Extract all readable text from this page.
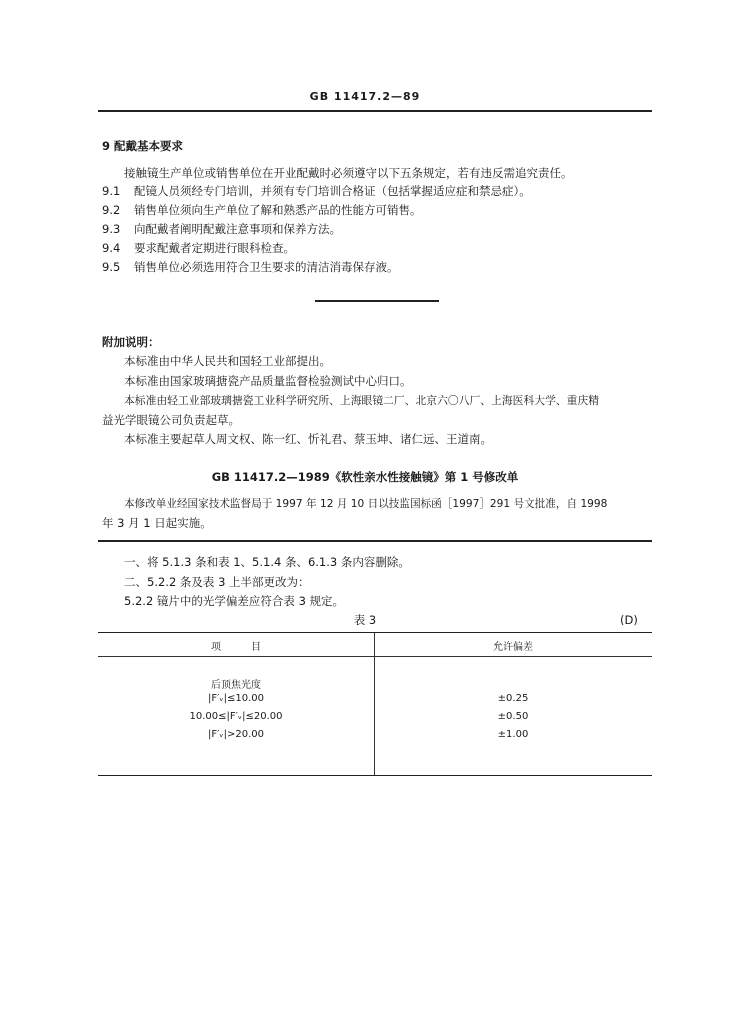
GB 11417.2—89
9 配戴基本要求
接触镜生产单位或销售单位在开业配戴时必须遵守以下五条规定，若有违反需追究责任。
9.1 配镜人员须经专门培训，并须有专门培训合格证（包括掌握适应症和禁忌症）。
9.2 销售单位须向生产单位了解和熟悉产品的性能方可销售。
9.3 向配戴者阐明配戴注意事项和保养方法。
9.4 要求配戴者定期进行眼科检查。
9.5 销售单位必须选用符合卫生要求的清洁消毒保存液。
附加说明：
本标准由中华人民共和国轻工业部提出。
本标准由国家玻璃搪瓷产品质量监督检验测试中心归口。
本标准由轻工业部玻璃搪瓷工业科学研究所、上海眼镜二厂、北京六〇八厂、上海医科大学、重庆精
益光学眼镜公司负责起草。
本标准主要起草人周文权、陈一红、忻礼君、蔡玉坤、诸仁远、王道南。
GB 11417.2—1989《软性亲水性接触镜》第 1 号修改单
本修改单业经国家技术监督局于 1997 年 12 月 10 日以技监国标函［1997］291 号文批准，自 1998
年 3 月 1 日起实施。
一、将 5.1.3 条和表 1、5.1.4 条、6.1.3 条内容删除。
二、5.2.2 条及表 3 上半部更改为：
5.2.2 镜片中的光学偏差应符合表 3 规定。
表 3	(D)
项　　　目	允许偏差
后顶焦光度
|F′ᵥ|≤10.00	±0.25
10.00≤|F′ᵥ|≤20.00	±0.50
|F′ᵥ|>20.00	±1.00
